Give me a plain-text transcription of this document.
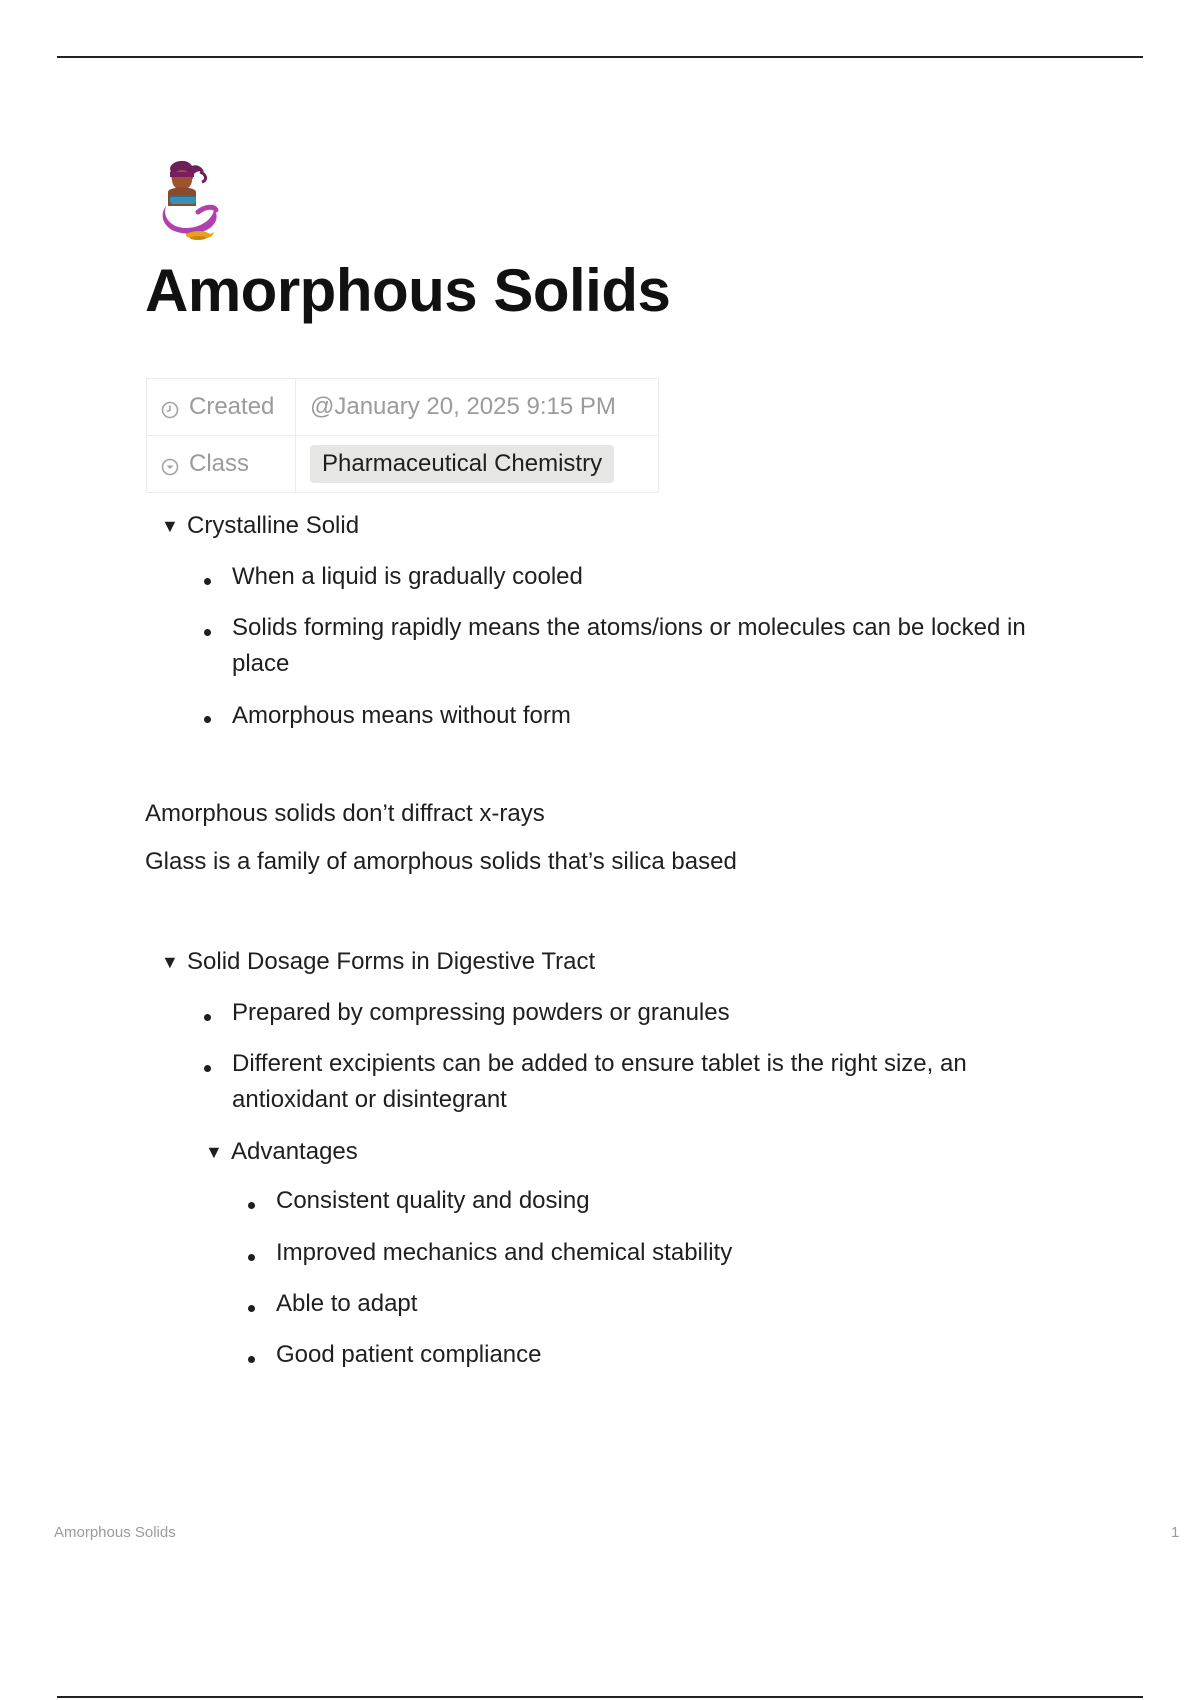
Amorphous Solids
Created	@January 20, 2025 9:15 PM
Class	Pharmaceutical Chemistry
▼ Crystalline Solid
When a liquid is gradually cooled
Solids forming rapidly means the atoms/ions or molecules can be locked in
place
Amorphous means without form
Amorphous solids don’t diffract x-rays
Glass is a family of amorphous solids that’s silica based
▼ Solid Dosage Forms in Digestive Tract
Prepared by compressing powders or granules
Different excipients can be added to ensure tablet is the right size, an
antioxidant or disintegrant
▼ Advantages
Consistent quality and dosing
Improved mechanics and chemical stability
Able to adapt
Good patient compliance
Amorphous Solids	1
